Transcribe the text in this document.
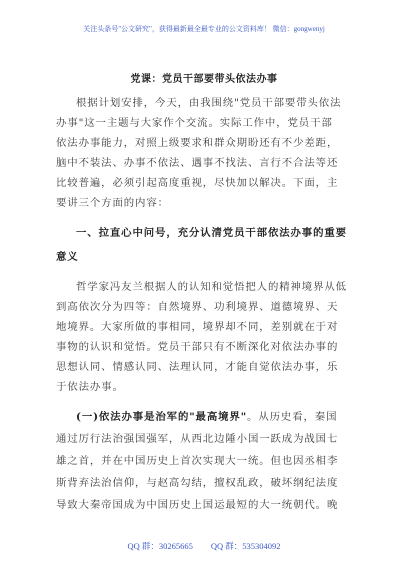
关注头条号"公文研究"，获得最新最全最专业的公文资料库！ 微信：gongwenyj
党课：党员干部要带头依法办事
根据计划安排，今天，由我围绕"党员干部要带头依法
办事"这一主题与大家作个交流。实际工作中，党员干部
依法办事能力，对照上级要求和群众期盼还有不少差距，
脑中不装法、办事不依法、遇事不找法、言行不合法等还
比较普遍，必须引起高度重视，尽快加以解决。下面，主
要讲三个方面的内容：
一、拉直心中问号，充分认清党员干部依法办事的重要
意义
哲学家冯友兰根据人的认知和觉悟把人的精神境界从低
到高依次分为四等：自然境界、功利境界、道德境界、天
地境界。大家所做的事相同，境界却不同，差别就在于对
事物的认识和觉悟。党员干部只有不断深化对依法办事的
思想认同、情感认同、法理认同，才能自觉依法办事，乐
于依法办事。
(一)依法办事是治军的"最高境界"。从历史看，秦国
通过厉行法治强国强军，从西北边陲小国一跃成为战国七
雄之首，并在中国历史上首次实现大一统。但也因丞相李
斯背弃法治信仰，与赵高勾结，擅权乱政，破坏纲纪法度
导致大秦帝国成为中国历史上国运最短的大一统朝代。晚
QQ 群：30265665 QQ 群：535304092
